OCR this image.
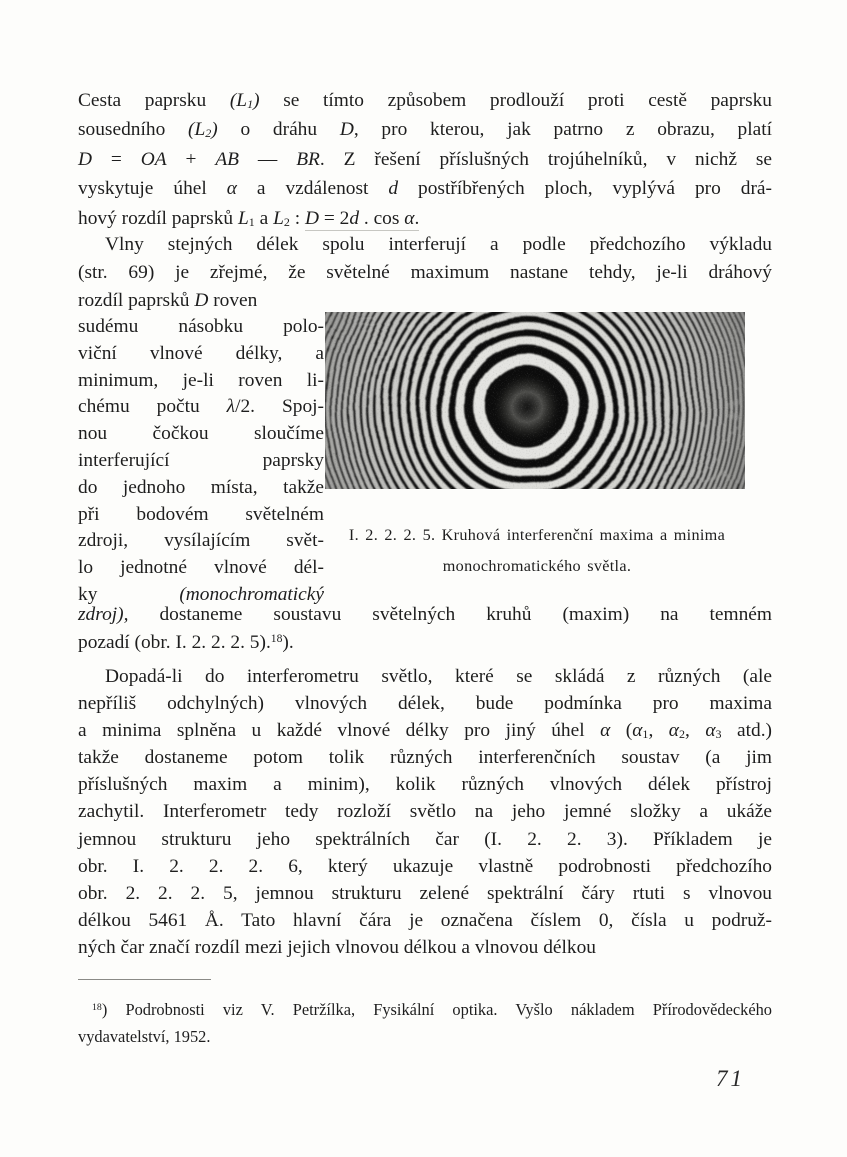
Cesta paprsku $(L_1)$ se tímto způsobem prodlouží proti cestě paprsku
sousedního $(L_2)$ o dráhu D, pro kterou, jak patrno z obrazu, platí
D = OA + AB — BR. Z řešení příslušných trojúhelníků, v nichž se
vyskytuje úhel α a vzdálenost d postříbřených ploch, vyplývá pro drá-
hový rozdíl paprsků $L_1$ a $L_2$ : D = 2d . cos α.
Vlny stejných délek spolu interferují a podle předchozího výkladu
(str. 69) je zřejmé, že světelné maximum nastane tehdy, je-li dráhový
rozdíl paprsků D roven
sudému násobku polo-
viční vlnové délky, a
minimum, je-li roven li-
chému počtu λ/2. Spoj-
nou čočkou sloučíme
interferující paprsky
do jednoho místa, takže
při bodovém světelném
zdroji, vysílajícím svět-
lo jednotné vlnové dél-
ky (monochromatický
I. 2. 2. 2. 5. Kruhová interferenční maxima a minima
monochromatického světla.
zdroj), dostaneme soustavu světelných kruhů (maxim) na temném
pozadí (obr. I. 2. 2. 2. 5).$^{18}$).
Dopadá-li do interferometru světlo, které se skládá z různých (ale
nepříliš odchylných) vlnových délek, bude podmínka pro maxima
a minima splněna u každé vlnové délky pro jiný úhel α ($\alpha_1$, $\alpha_2$, $\alpha_3$ atd.)
takže dostaneme potom tolik různých interferenčních soustav (a jim
příslušných maxim a minim), kolik různých vlnových délek přístroj
zachytil. Interferometr tedy rozloží světlo na jeho jemné složky a ukáže
jemnou strukturu jeho spektrálních čar (I. 2. 2. 3). Příkladem je
obr. I. 2. 2. 2. 6, který ukazuje vlastně podrobnosti předchozího
obr. 2. 2. 2. 5, jemnou strukturu zelené spektrální čáry rtuti s vlnovou
délkou 5461 Å. Tato hlavní čára je označena číslem 0, čísla u podruž-
ných čar značí rozdíl mezi jejich vlnovou délkou a vlnovou délkou
$^{18}$) Podrobnosti viz V. Petržílka, Fysikální optika. Vyšlo nákladem Přírodovědeckého
vydavatelství, 1952.
71
